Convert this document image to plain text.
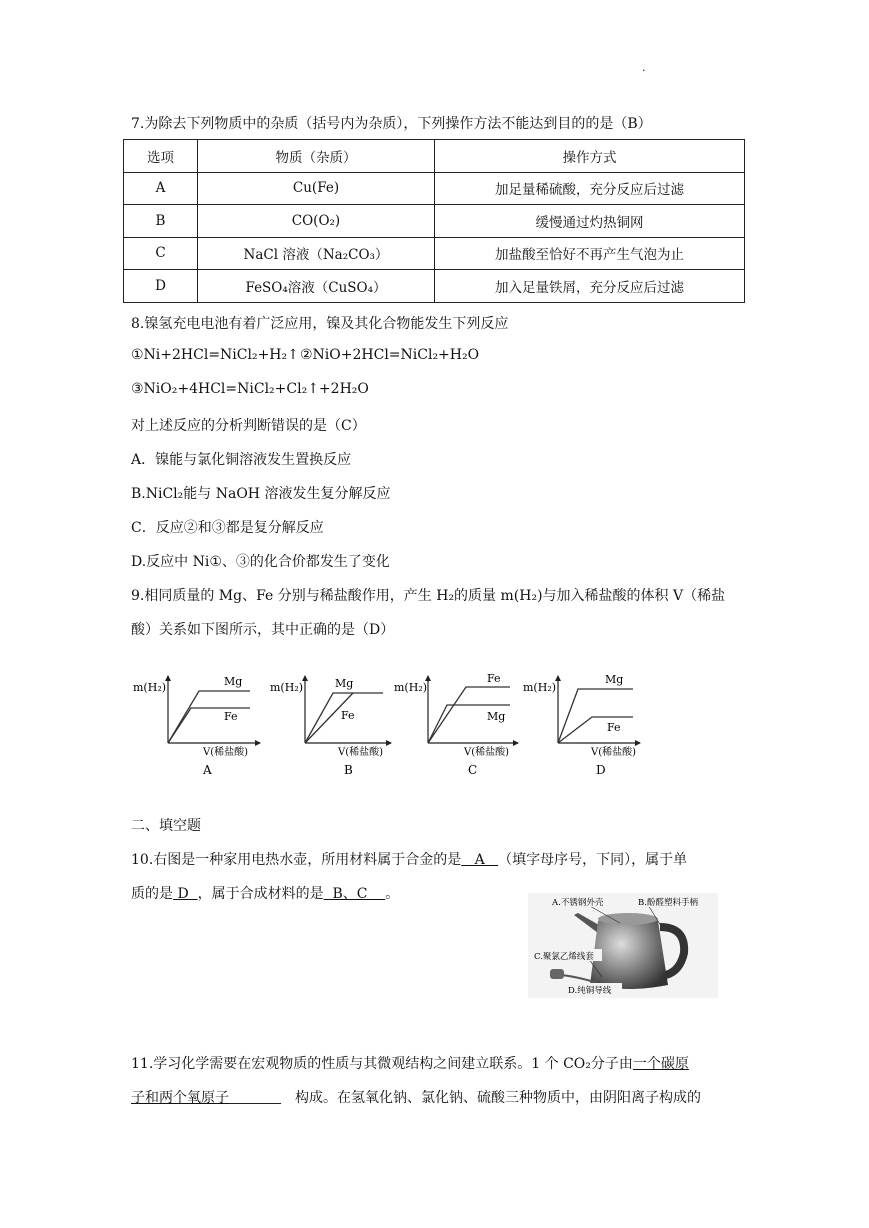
·
7.为除去下列物质中的杂质（括号内为杂质），下列操作方法不能达到目的的是（B）
选项	物质（杂质）	操作方式
A	Cu(Fe)	加足量稀硫酸，充分反应后过滤
B	CO(O₂)	缓慢通过灼热铜网
C	NaCl 溶液（Na₂CO₃）	加盐酸至恰好不再产生气泡为止
D	FeSO₄溶液（CuSO₄）	加入足量铁屑，充分反应后过滤
8.镍氢充电电池有着广泛应用，镍及其化合物能发生下列反应
①Ni+2HCl=NiCl₂+H₂↑ ②NiO+2HCl=NiCl₂+H₂O
③NiO₂+4HCl=NiCl₂+Cl₂↑+2H₂O
对上述反应的分析判断错误的是（C）
A．镍能与氯化铜溶液发生置换反应
B.NiCl₂能与 NaOH 溶液发生复分解反应
C．反应②和③都是复分解反应
D.反应中 Ni①、③的化合价都发生了变化
9.相同质量的 Mg、Fe 分别与稀盐酸作用，产生 H₂的质量 m(H₂)与加入稀盐酸的体积 V（稀盐
酸）关系如下图所示，其中正确的是（D）
m(H₂)
V(稀盐酸)
Mg
Fe
A
m(H₂)
V(稀盐酸)
Mg
Fe
B
m(H₂)
V(稀盐酸)
Fe
Mg
C
m(H₂)
V(稀盐酸)
Mg
Fe
D
二、填空题
10.右图是一种家用电热水壶，所用材料属于合金的是   A   （填字母序号，下同），属于单
质的是 D  ，属于合成材料的是  B、C    。
A.不锈钢外壳	B.酚醛塑料手柄
C.聚氯乙烯线套
D.纯铜导线
11.学习化学需要在宏观物质的性质与其微观结构之间建立联系。1 个 CO₂分子由一个碳原
子和两个氧原子	构成。在氢氧化钠、氯化钠、硫酸三种物质中，由阴阳离子构成的
